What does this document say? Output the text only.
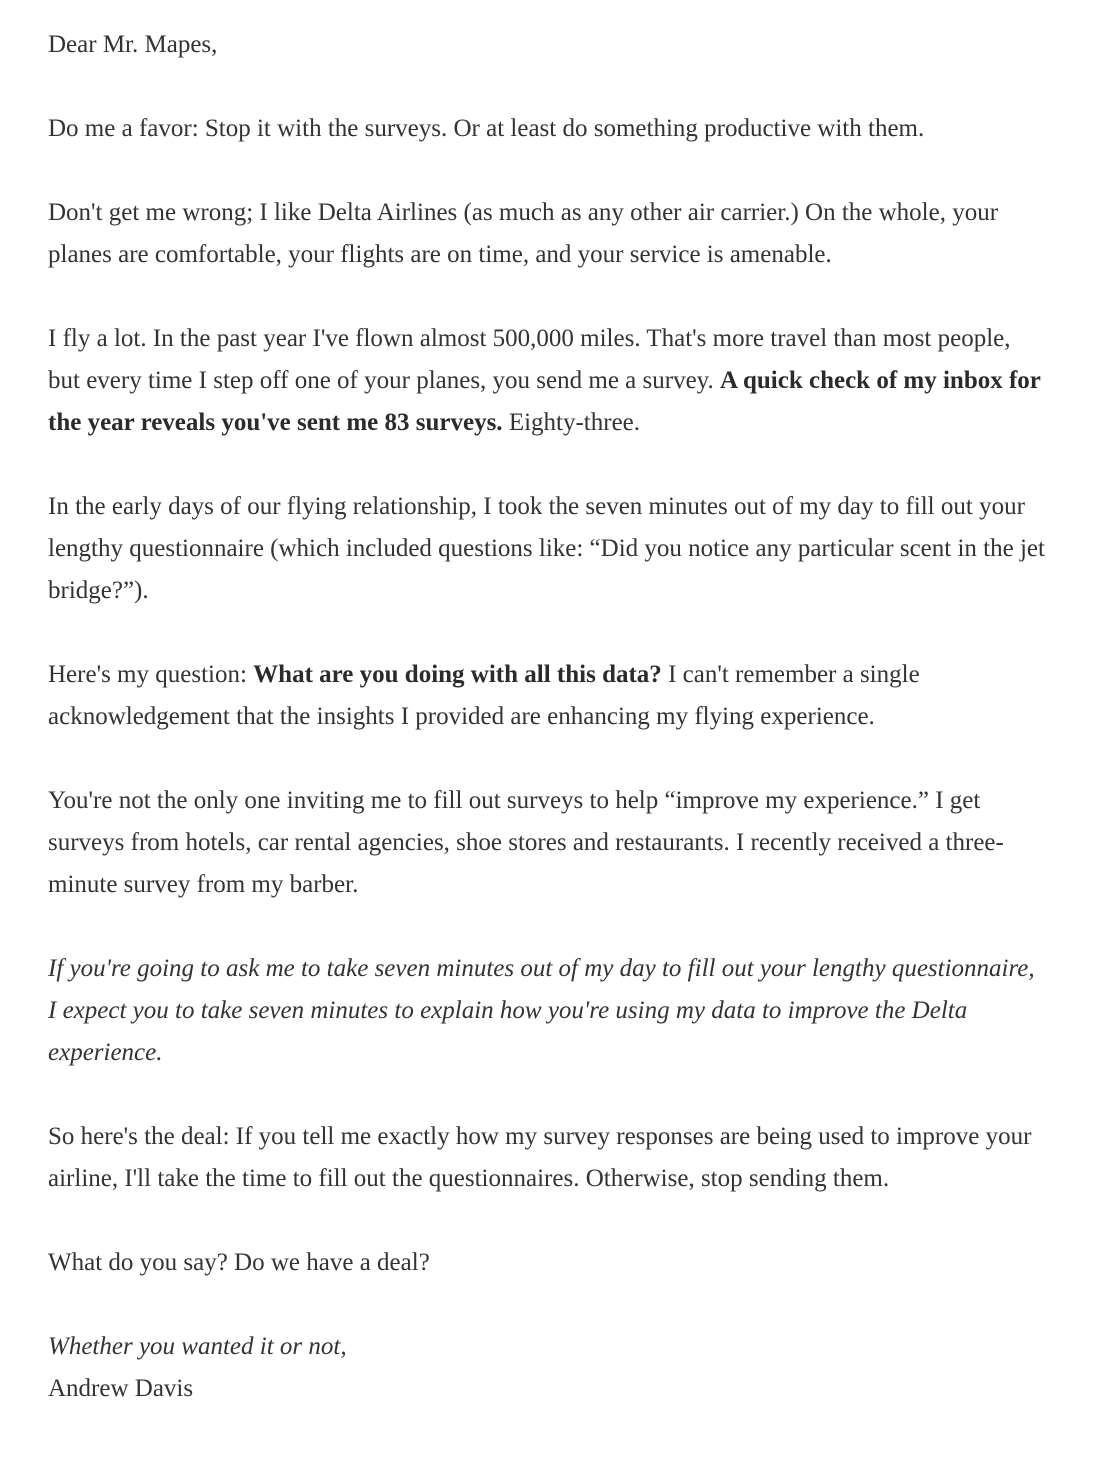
Dear Mr. Mapes,

Do me a favor: Stop it with the surveys. Or at least do something productive with them.

Don't get me wrong; I like Delta Airlines (as much as any other air carrier.) On the whole, your planes are comfortable, your flights are on time, and your service is amenable.

I fly a lot. In the past year I've flown almost 500,000 miles. That's more travel than most people, but every time I step off one of your planes, you send me a survey. A quick check of my inbox for the year reveals you've sent me 83 surveys. Eighty-three.

In the early days of our flying relationship, I took the seven minutes out of my day to fill out your lengthy questionnaire (which included questions like: “Did you notice any particular scent in the jet bridge?”).

Here's my question: What are you doing with all this data? I can't remember a single acknowledgement that the insights I provided are enhancing my flying experience.

You're not the only one inviting me to fill out surveys to help “improve my experience.” I get surveys from hotels, car rental agencies, shoe stores and restaurants. I recently received a three-minute survey from my barber.

If you're going to ask me to take seven minutes out of my day to fill out your lengthy questionnaire, I expect you to take seven minutes to explain how you're using my data to improve the Delta experience.

So here's the deal: If you tell me exactly how my survey responses are being used to improve your airline, I'll take the time to fill out the questionnaires. Otherwise, stop sending them.

What do you say? Do we have a deal?

Whether you wanted it or not,

Andrew Davis
